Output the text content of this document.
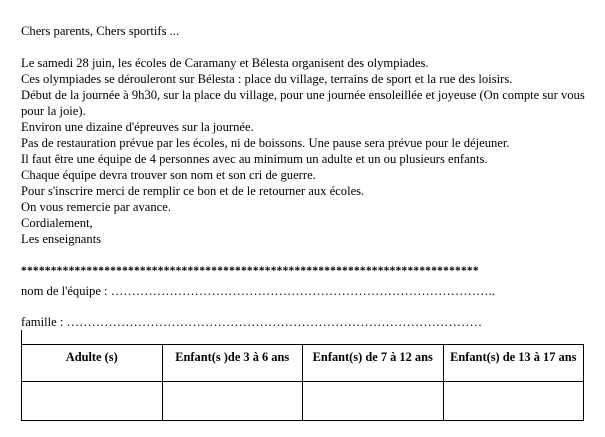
Chers parents, Chers sportifs ...

Le samedi 28 juin, les écoles de Caramany et Bélesta organisent des olympiades.

Ces olympiades se dérouleront sur Bélesta : place du village, terrains de sport et la rue des loisirs.

Début de la journée à 9h30, sur la place du village, pour une journée ensoleillée et joyeuse (On compte sur vous pour la joie).

Environ une dizaine d'épreuves sur la journée.

Pas de restauration prévue par les écoles, ni de boissons. Une pause sera prévue pour le déjeuner.

Il faut être une équipe de 4 personnes avec au minimum un adulte et un ou plusieurs enfants.

Chaque équipe devra trouver son nom et son cri de guerre.

Pour s'inscrire merci de remplir ce bon et de le retourner aux écoles.

On vous remercie par avance.

Cordialement,

Les enseignants

*****************************************************************************
nom de l'équipe : ………………………………………………………………………………..
famille : ………………………………………………………………………………………
Adulte (s)	Enfant(s )de 3 à 6 ans	Enfant(s) de 7 à 12 ans	Enfant(s) de 13 à 17 ans
